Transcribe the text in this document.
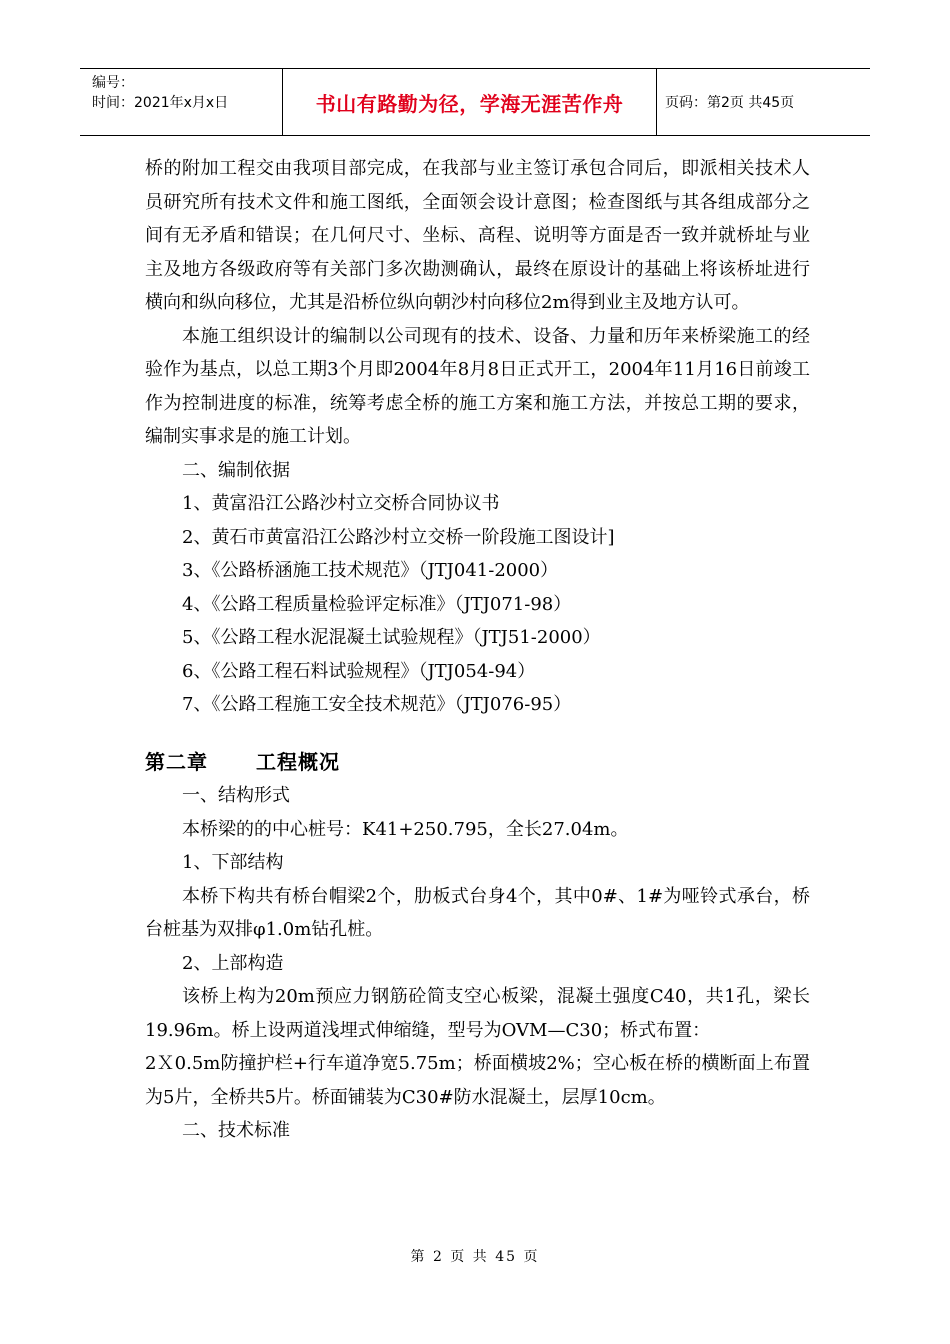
编号：
时间：2021年x月x日	书山有路勤为径，学海无涯苦作舟	页码：第2页 共45页

桥的附加工程交由我项目部完成，在我部与业主签订承包合同后，即派相关技术人员研究所有技术文件和施工图纸，全面领会设计意图；检查图纸与其各组成部分之间有无矛盾和错误；在几何尺寸、坐标、高程、说明等方面是否一致并就桥址与业主及地方各级政府等有关部门多次勘测确认，最终在原设计的基础上将该桥址进行横向和纵向移位，尤其是沿桥位纵向朝沙村向移位2m得到业主及地方认可。

本施工组织设计的编制以公司现有的技术、设备、力量和历年来桥梁施工的经验作为基点，以总工期3个月即2004年8月8日正式开工，2004年11月16日前竣工作为控制进度的标准，统筹考虑全桥的施工方案和施工方法，并按总工期的要求，编制实事求是的施工计划。

二、编制依据

1、黄富沿江公路沙村立交桥合同协议书

2、黄石市黄富沿江公路沙村立交桥一阶段施工图设计]

3、《公路桥涵施工技术规范》（JTJ041-2000）

4、《公路工程质量检验评定标准》（JTJ071-98）

5、《公路工程水泥混凝土试验规程》（JTJ51-2000）

6、《公路工程石料试验规程》（JTJ054-94）

7、《公路工程施工安全技术规范》（JTJ076-95）

第二章 工程概况

一、结构形式

本桥梁的的中心桩号：K41+250.795，全长27.04m。

1、下部结构

本桥下构共有桥台帽梁2个，肋板式台身4个，其中0#、1#为哑铃式承台，桥台桩基为双排φ1.0m钻孔桩。

2、上部构造

该桥上构为20m预应力钢筋砼简支空心板梁，混凝土强度C40，共1孔，梁长19.96m。桥上设两道浅埋式伸缩缝，型号为OVM—C30；桥式布置：

2Ｘ0.5m防撞护栏+行车道净宽5.75m；桥面横坡2%；空心板在桥的横断面上布置为5片，全桥共5片。桥面铺装为C30#防水混凝土，层厚10cm。

二、技术标准

第 2 页 共 45 页
